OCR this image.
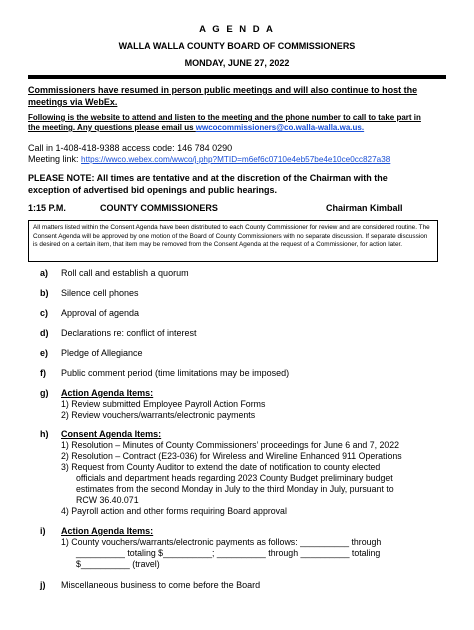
A G E N D A
WALLA WALLA COUNTY BOARD OF COMMISSIONERS
MONDAY, JUNE 27, 2022
Commissioners have resumed in person public meetings and will also continue to host the
meetings via WebEx.
Following is the website to attend and listen to the meeting and the phone number to call to take part in
the meeting. Any questions please email us wwcocommissioners@co.walla-walla.wa.us.
Call in 1-408-418-9388 access code: 146 784 0290
Meeting link: https://wwco.webex.com/wwco/j.php?MTID=m6ef6c0710e4eb57be4e10ce0cc827a38
PLEASE NOTE: All times are tentative and at the discretion of the Chairman with the
exception of advertised bid openings and public hearings.
1:15 P.M.	COUNTY COMMISSIONERS	Chairman Kimball
All matters listed within the Consent Agenda have been distributed to each County Commissioner for review and are considered routine. The Consent Agenda will be approved by one motion of the Board of County Commissioners with no separate discussion. If separate discussion is desired on a certain item, that item may be removed from the Consent Agenda at the request of a Commissioner, for action later.
a) Roll call and establish a quorum
b) Silence cell phones
c) Approval of agenda
d) Declarations re: conflict of interest
e) Pledge of Allegiance
f) Public comment period (time limitations may be imposed)
g) Action Agenda Items:
1) Review submitted Employee Payroll Action Forms
2) Review vouchers/warrants/electronic payments
h) Consent Agenda Items:
1) Resolution – Minutes of County Commissioners’ proceedings for June 6 and 7, 2022
2) Resolution – Contract (E23-036) for Wireless and Wireline Enhanced 911 Operations
3) Request from County Auditor to extend the date of notification to county elected
officials and department heads regarding 2023 County Budget preliminary budget
estimates from the second Monday in July to the third Monday in July, pursuant to
RCW 36.40.071
4) Payroll action and other forms requiring Board approval
i) Action Agenda Items:
1) County vouchers/warrants/electronic payments as follows: __________ through
__________ totaling $__________; __________ through __________ totaling
$__________ (travel)
j) Miscellaneous business to come before the Board
